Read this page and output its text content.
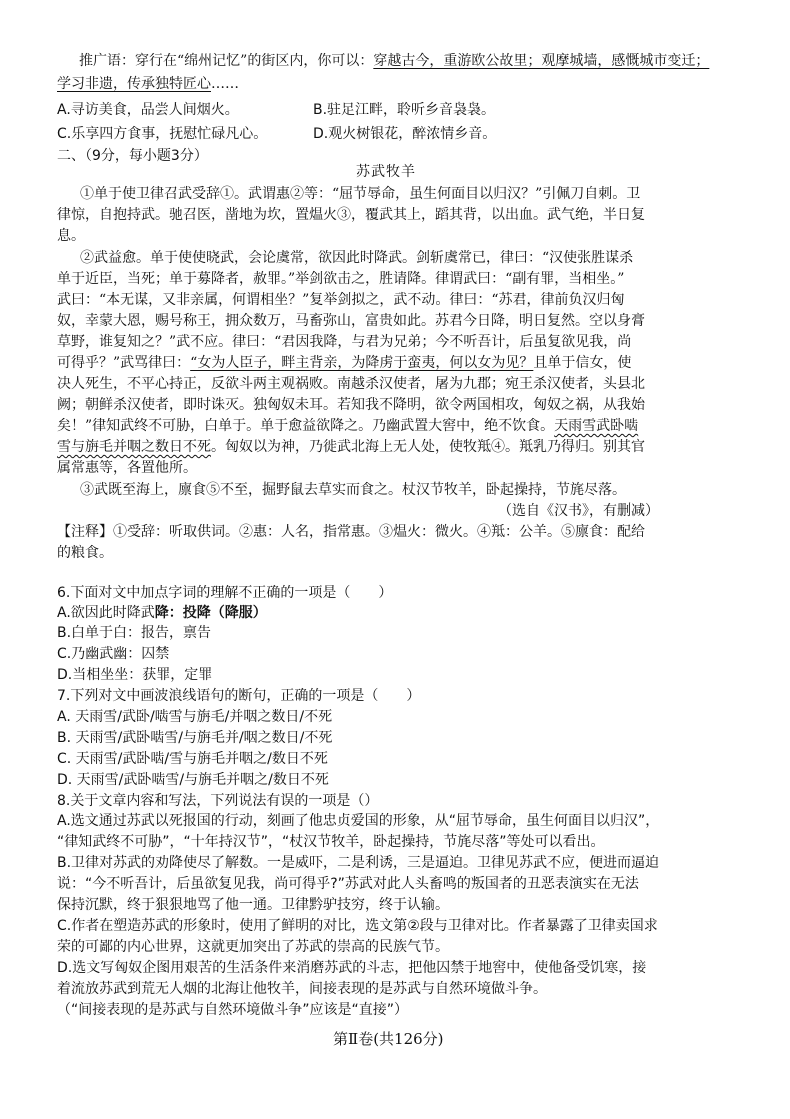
推广语：穿行在“绵州记忆”的街区内，你可以：穿越古今，重游欧公故里；观摩城墙，感慨城市变迁；
学习非遗，传承独特匠心……
A.寻访美食，品尝人间烟火。	B.驻足江畔，聆听乡音袅袅。
C.乐享四方食事，抚慰忙碌凡心。	D.观火树银花，醉浓情乡音。
二、（9分，每小题3分）
苏武牧羊
①单于使卫律召武受辞①。武谓惠②等：“屈节辱命，虽生何面目以归汉？”引佩刀自刺。卫
律惊，自抱持武。驰召医，凿地为坎，置煴火③，覆武其上，蹈其背，以出血。武气绝，半日复
息。
②武益愈。单于使使晓武，会论虞常，欲因此时降武。剑斩虞常已，律曰：“汉使张胜谋杀
单于近臣，当死；单于募降者，赦罪。”举剑欲击之，胜请降。律谓武曰：“副有罪，当相坐。”
武曰：“本无谋，又非亲属，何谓相坐？”复举剑拟之，武不动。律曰：“苏君，律前负汉归匈
奴，幸蒙大恩，赐号称王，拥众数万，马畜弥山，富贵如此。苏君今日降，明日复然。空以身膏
草野，谁复知之？”武不应。律曰：“君因我降，与君为兄弟；今不听吾计，后虽复欲见我，尚
可得乎？”武骂律曰：“女为人臣子，畔主背亲，为降虏于蛮夷，何以女为见？且单于信女，使
决人死生，不平心持正，反欲斗两主观祸败。南越杀汉使者，屠为九郡；宛王杀汉使者，头县北
阙；朝鲜杀汉使者，即时诛灭。独匈奴未耳。若知我不降明，欲令两国相攻，匈奴之祸，从我始
矣！”律知武终不可胁，白单于。单于愈益欲降之。乃幽武置大窖中，绝不饮食。天雨雪武卧啮
雪与旃毛并咽之数日不死。匈奴以为神，乃徙武北海上无人处，使牧羝④。羝乳乃得归。别其官
属常惠等，各置他所。
③武既至海上，廪食⑤不至，掘野鼠去草实而食之。杖汉节牧羊，卧起操持，节旄尽落。
（选自《汉书》，有删减）
【注释】①受辞：听取供词。②惠：人名，指常惠。③煴火：微火。④羝：公羊。⑤廪食：配给
的粮食。
6.下面对文中加点字词的理解不正确的一项是（　　）
A.欲因此时降武降：投降（降服）
B.白单于白：报告，禀告
C.乃幽武幽：囚禁
D.当相坐坐：获罪，定罪
7.下列对文中画波浪线语句的断句，正确的一项是（　　）
A. 天雨雪/武卧/啮雪与旃毛/并咽之数日/不死
B. 天雨雪/武卧啮雪/与旃毛并/咽之数日/不死
C. 天雨雪/武卧啮/雪与旃毛并咽之/数日不死
D. 天雨雪/武卧啮雪/与旃毛并咽之/数日不死
8.关于文章内容和写法，下列说法有误的一项是（）
A.选文通过苏武以死报国的行动，刻画了他忠贞爱国的形象，从“屈节辱命，虽生何面目以归汉”，
“律知武终不可胁”，“十年持汉节”，“杖汉节牧羊，卧起操持，节旄尽落”等处可以看出。
B.卫律对苏武的劝降使尽了解数。一是威吓，二是利诱，三是逼迫。卫律见苏武不应，便进而逼迫
说：“今不听吾计，后虽欲复见我，尚可得乎?”苏武对此人头畜鸣的叛国者的丑恶表演实在无法
保持沉默，终于狠狠地骂了他一通。卫律黔驴技穷，终于认输。
C.作者在塑造苏武的形象时，使用了鲜明的对比，选文第②段与卫律对比。作者暴露了卫律卖国求
荣的可鄙的内心世界，这就更加突出了苏武的崇高的民族气节。
D.选文写匈奴企图用艰苦的生活条件来消磨苏武的斗志，把他囚禁于地窖中，使他备受饥寒，接
着流放苏武到荒无人烟的北海让他牧羊，间接表现的是苏武与自然环境做斗争。
（“间接表现的是苏武与自然环境做斗争”应该是“直接”）
第Ⅱ卷(共126分)
